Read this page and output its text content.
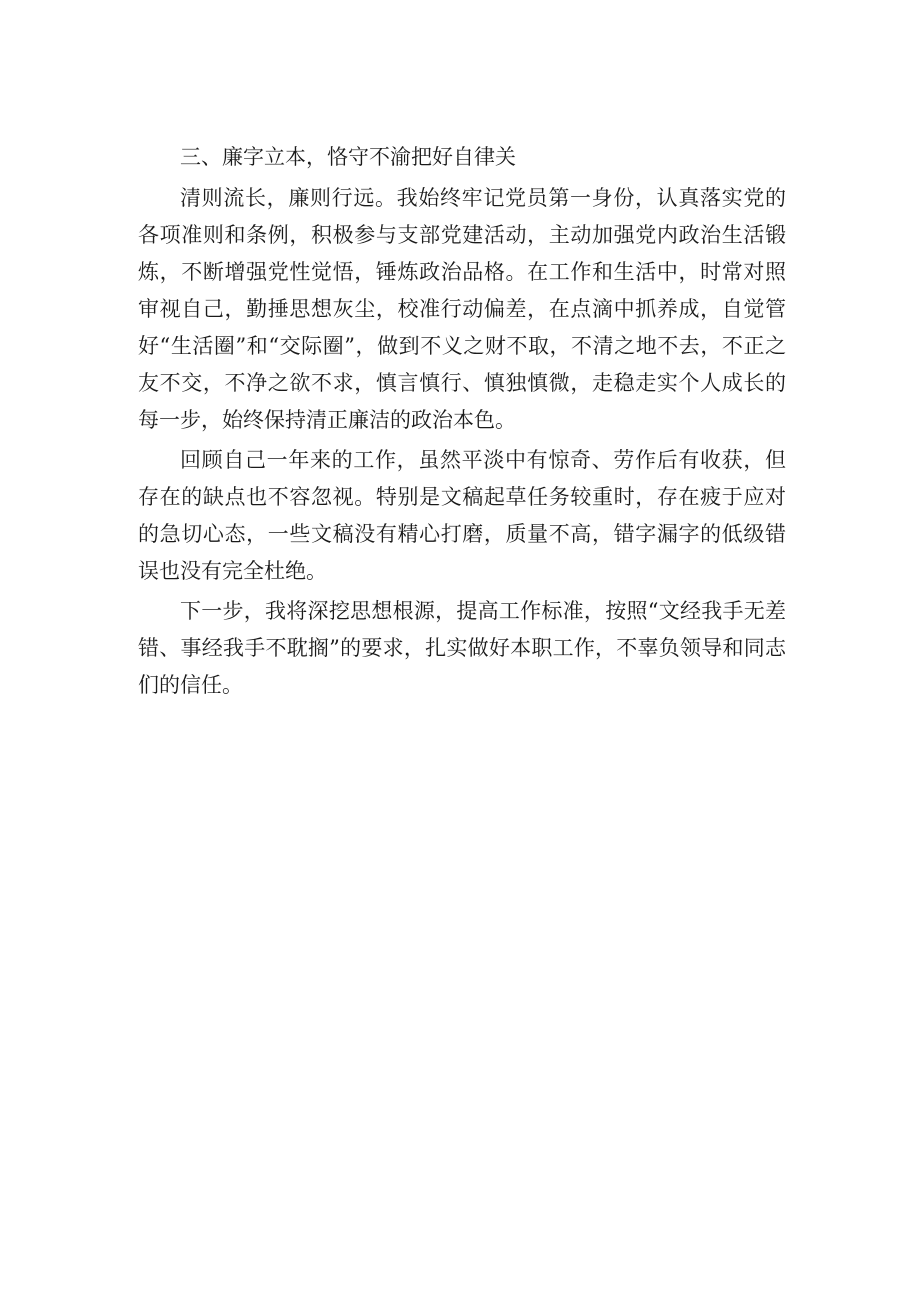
三、廉字立本，恪守不渝把好自律关

清则流长，廉则行远。我始终牢记党员第一身份，认真落实党的各项准则和条例，积极参与支部党建活动，主动加强党内政治生活锻炼，不断增强党性觉悟，锤炼政治品格。在工作和生活中，时常对照审视自己，勤捶思想灰尘，校准行动偏差，在点滴中抓养成，自觉管好“生活圈”和“交际圈”，做到不义之财不取，不清之地不去，不正之友不交，不净之欲不求，慎言慎行、慎独慎微，走稳走实个人成长的每一步，始终保持清正廉洁的政治本色。

回顾自己一年来的工作，虽然平淡中有惊奇、劳作后有收获，但存在的缺点也不容忽视。特别是文稿起草任务较重时，存在疲于应对的急切心态，一些文稿没有精心打磨，质量不高，错字漏字的低级错误也没有完全杜绝。

下一步，我将深挖思想根源，提高工作标准，按照“文经我手无差错、事经我手不耽搁”的要求，扎实做好本职工作，不辜负领导和同志们的信任。
